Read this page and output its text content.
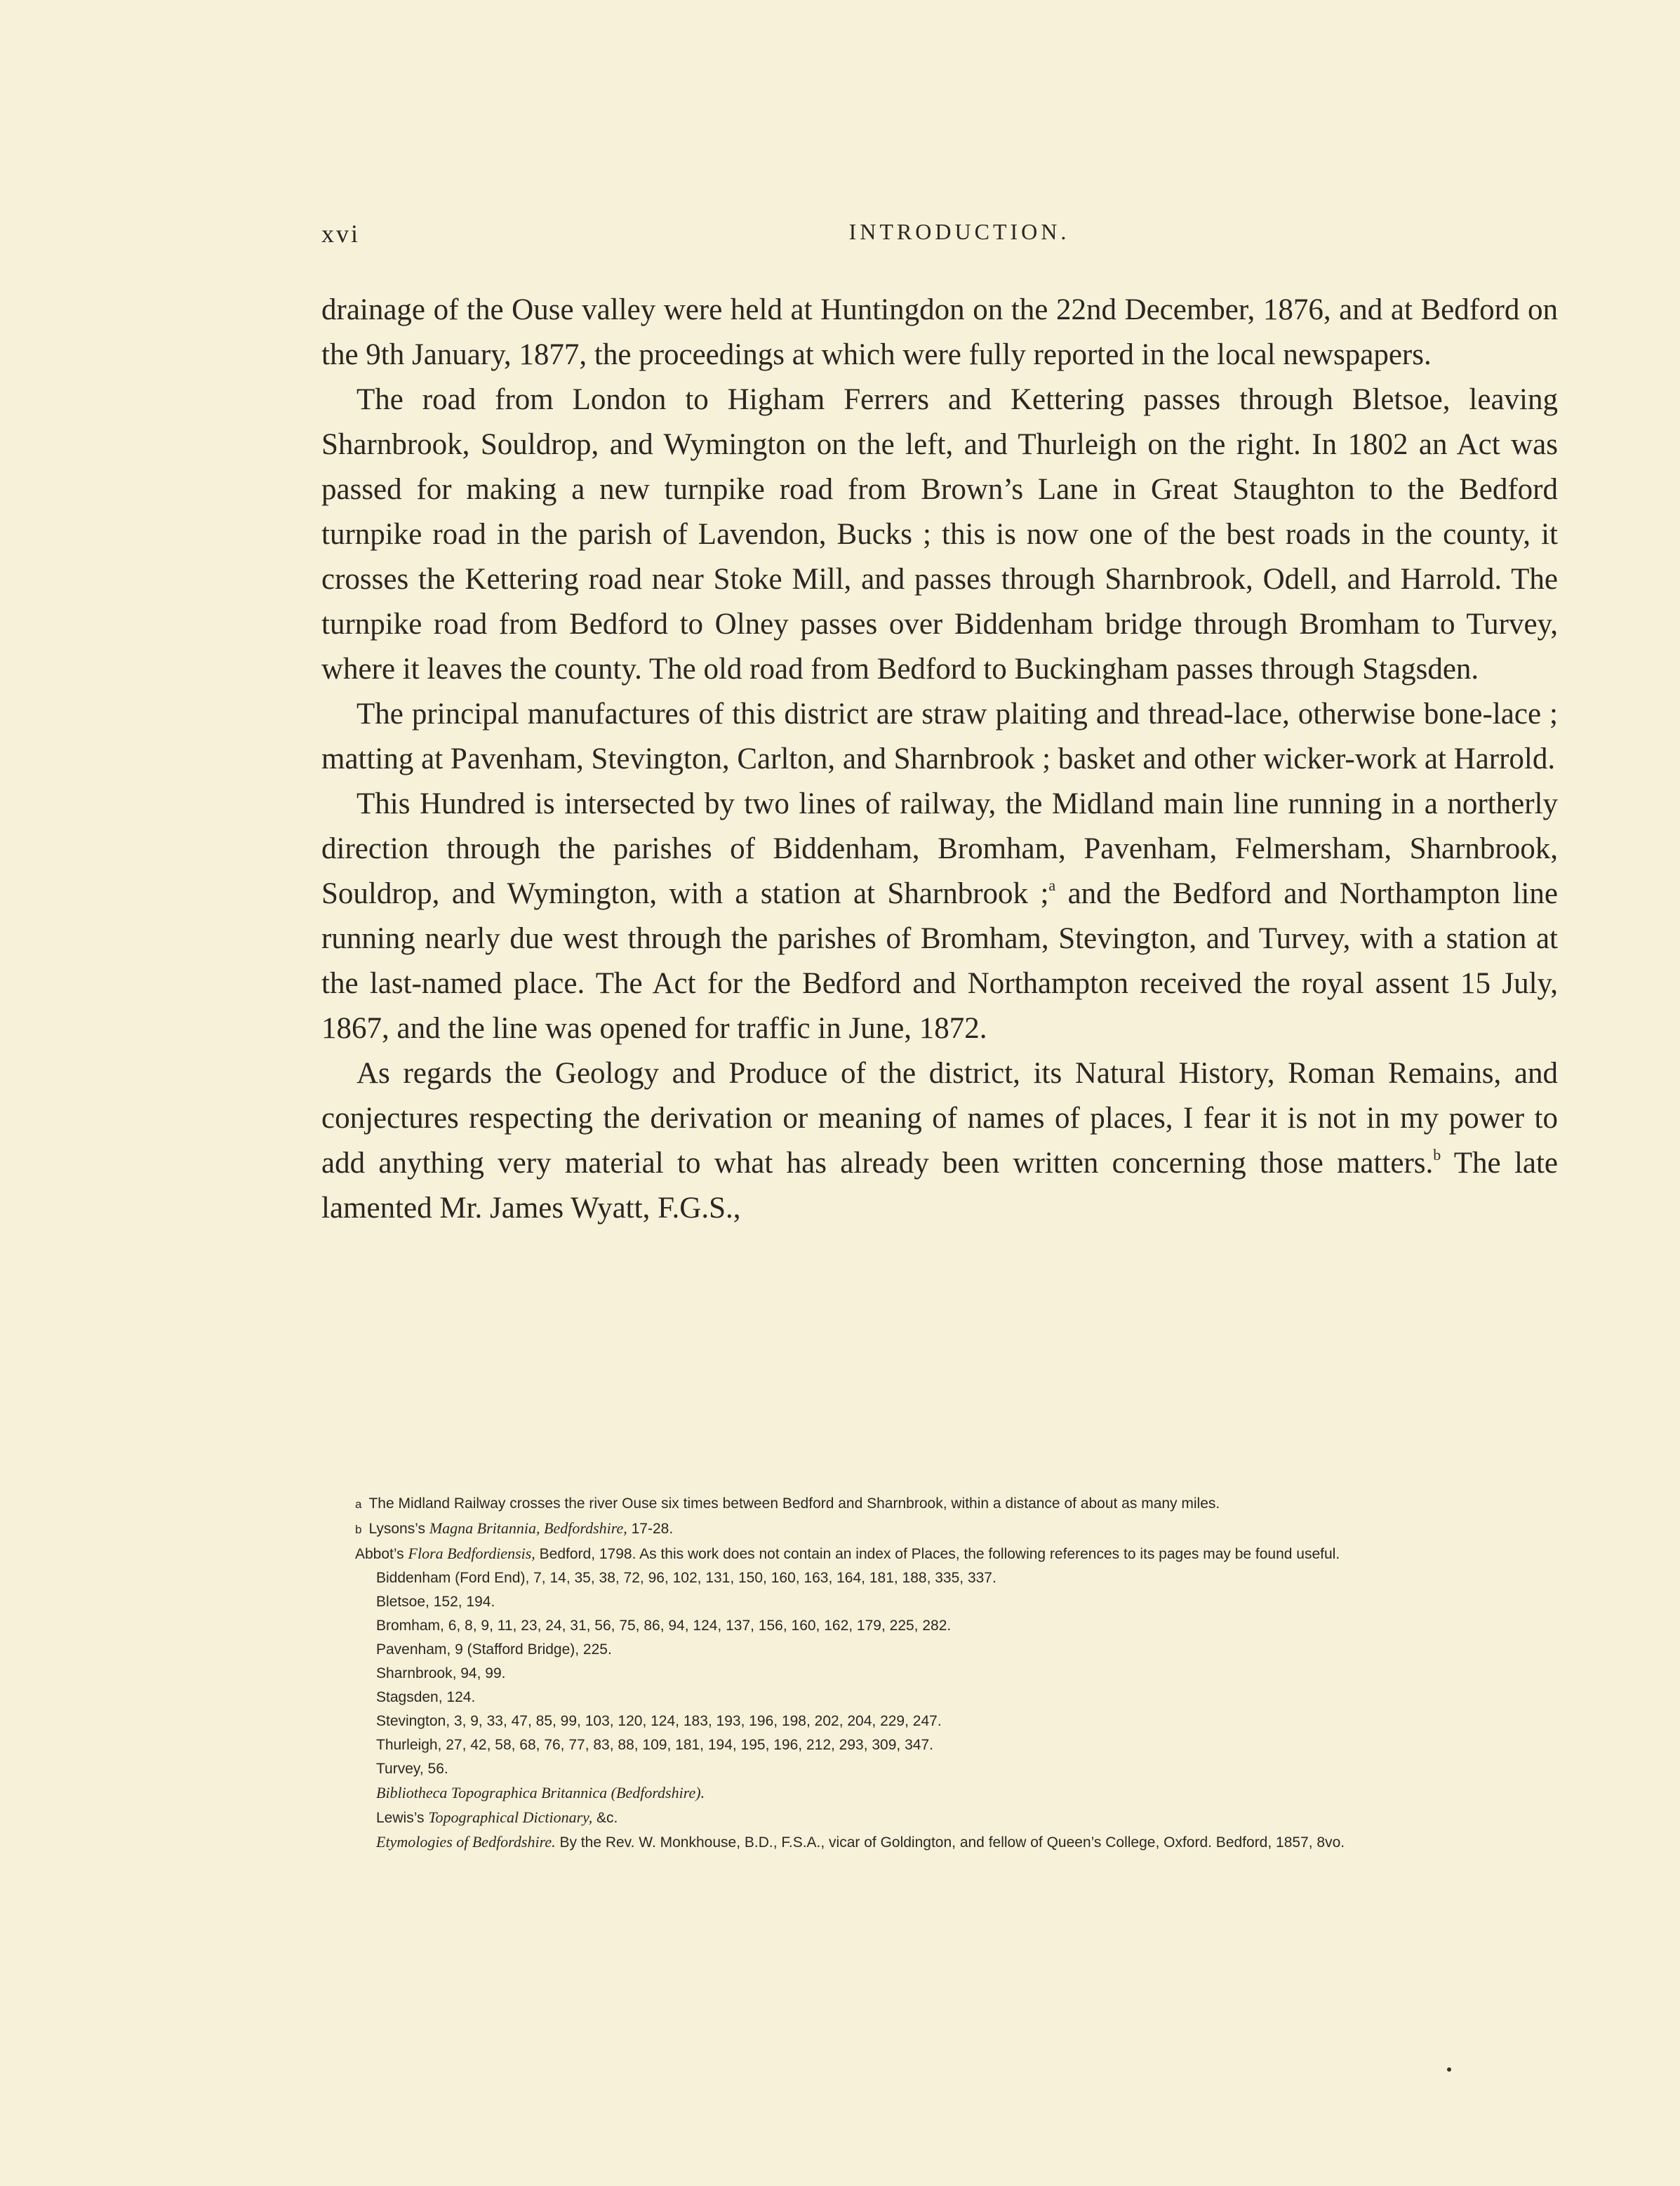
xvi	INTRODUCTION.

drainage of the Ouse valley were held at Huntingdon on the 22nd December, 1876, and at Bedford on the 9th January, 1877, the proceedings at which were fully reported in the local newspapers.

The road from London to Higham Ferrers and Kettering passes through Bletsoe, leaving Sharnbrook, Souldrop, and Wymington on the left, and Thurleigh on the right. In 1802 an Act was passed for making a new turnpike road from Brown’s Lane in Great Staughton to the Bedford turnpike road in the parish of Lavendon, Bucks ; this is now one of the best roads in the county, it crosses the Kettering road near Stoke Mill, and passes through Sharnbrook, Odell, and Harrold. The turnpike road from Bedford to Olney passes over Biddenham bridge through Bromham to Turvey, where it leaves the county. The old road from Bedford to Buckingham passes through Stagsden.

The principal manufactures of this district are straw plaiting and thread-lace, otherwise bone-lace ; matting at Pavenham, Stevington, Carlton, and Sharnbrook ; basket and other wicker-work at Harrold.

This Hundred is intersected by two lines of railway, the Midland main line running in a northerly direction through the parishes of Biddenham, Bromham, Pavenham, Felmersham, Sharnbrook, Souldrop, and Wymington, with a station at Sharnbrook ;$^a$ and the Bedford and Northampton line running nearly due west through the parishes of Bromham, Stevington, and Turvey, with a station at the last-named place. The Act for the Bedford and Northampton received the royal assent 15 July, 1867, and the line was opened for traffic in June, 1872.

As regards the Geology and Produce of the district, its Natural History, Roman Remains, and conjectures respecting the derivation or meaning of names of places, I fear it is not in my power to add anything very material to what has already been written concerning those matters.$^b$ The late lamented Mr. James Wyatt, F.G.S.,

a The Midland Railway crosses the river Ouse six times between Bedford and Sharnbrook, within a distance of about as many miles.

b Lysons’s Magna Britannia, Bedfordshire, 17-28.

Abbot’s Flora Bedfordiensis, Bedford, 1798. As this work does not contain an index of Places, the following references to its pages may be found useful.

Biddenham (Ford End), 7, 14, 35, 38, 72, 96, 102, 131, 150, 160, 163, 164, 181, 188, 335, 337.

Bletsoe, 152, 194.

Bromham, 6, 8, 9, 11, 23, 24, 31, 56, 75, 86, 94, 124, 137, 156, 160, 162, 179, 225, 282.

Pavenham, 9 (Stafford Bridge), 225.

Sharnbrook, 94, 99.

Stagsden, 124.

Stevington, 3, 9, 33, 47, 85, 99, 103, 120, 124, 183, 193, 196, 198, 202, 204, 229, 247.

Thurleigh, 27, 42, 58, 68, 76, 77, 83, 88, 109, 181, 194, 195, 196, 212, 293, 309, 347.

Turvey, 56.

Bibliotheca Topographica Britannica (Bedfordshire).

Lewis’s Topographical Dictionary, &c.

Etymologies of Bedfordshire. By the Rev. W. Monkhouse, B.D., F.S.A., vicar of Goldington, and fellow of Queen’s College, Oxford. Bedford, 1857, 8vo.
